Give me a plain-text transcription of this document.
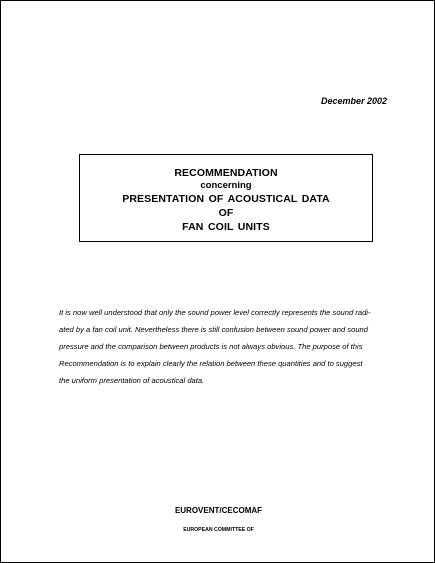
December 2002
RECOMMENDATION
concerning
PRESENTATION OF ACOUSTICAL DATA
OF
FAN COIL UNITS
It is now well understood that only the sound power level correctly represents the sound radi-
ated by a fan coil unit. Nevertheless there is still confusion between sound power and sound
pressure and the comparison between products is not always obvious. The purpose of this
Recommendation is to explain clearly the relation between these quantities and to suggest
the uniform presentation of acoustical data.
EUROVENT/CECOMAF
EUROPEAN COMMITTEE OF
